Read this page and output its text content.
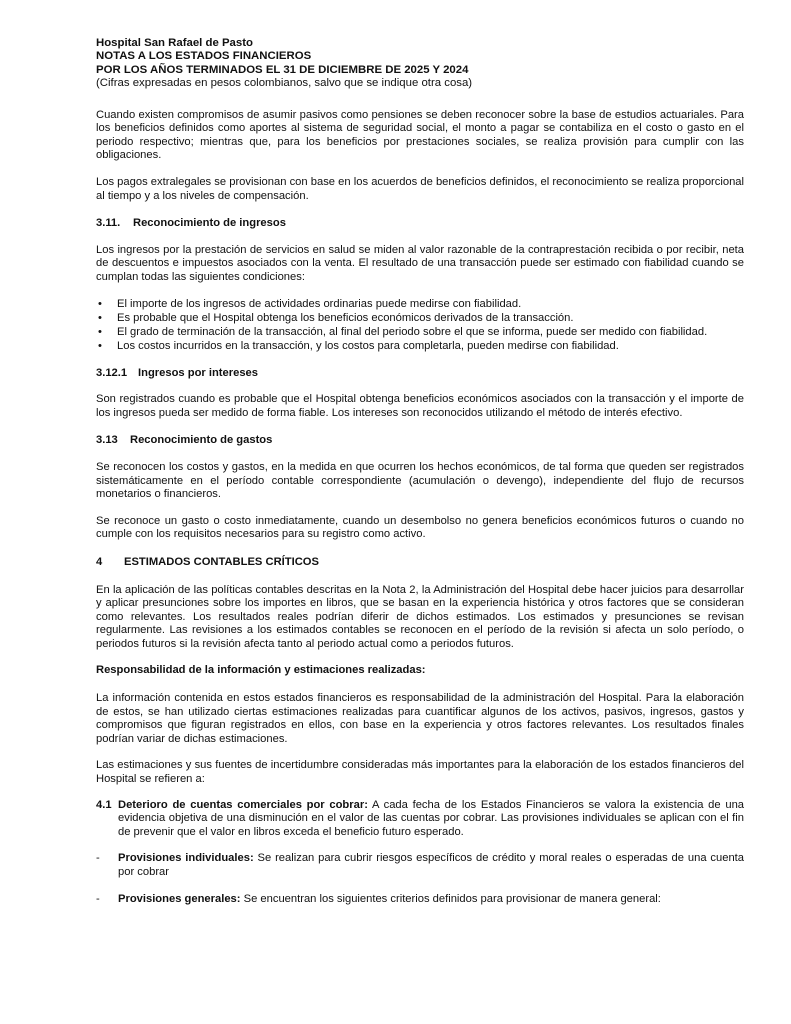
Hospital San Rafael de Pasto
NOTAS A LOS ESTADOS FINANCIEROS
POR LOS AÑOS TERMINADOS EL 31 DE DICIEMBRE DE 2025 Y 2024
(Cifras expresadas en pesos colombianos, salvo que se indique otra cosa)

Cuando existen compromisos de asumir pasivos como pensiones se deben reconocer sobre la base de estudios actuariales. Para los beneficios definidos como aportes al sistema de seguridad social, el monto a pagar se contabiliza en el costo o gasto en el periodo respectivo; mientras que, para los beneficios por prestaciones sociales, se realiza provisión para cumplir con las obligaciones.

Los pagos extralegales se provisionan con base en los acuerdos de beneficios definidos, el reconocimiento se realiza proporcional al tiempo y a los niveles de compensación.

3.11. Reconocimiento de ingresos

Los ingresos por la prestación de servicios en salud se miden al valor razonable de la contraprestación recibida o por recibir, neta de descuentos e impuestos asociados con la venta. El resultado de una transacción puede ser estimado con fiabilidad cuando se cumplan todas las siguientes condiciones:

• El importe de los ingresos de actividades ordinarias puede medirse con fiabilidad.
• Es probable que el Hospital obtenga los beneficios económicos derivados de la transacción.
• El grado de terminación de la transacción, al final del periodo sobre el que se informa, puede ser medido con fiabilidad.
• Los costos incurridos en la transacción, y los costos para completarla, pueden medirse con fiabilidad.
3.12.1 Ingresos por intereses

Son registrados cuando es probable que el Hospital obtenga beneficios económicos asociados con la transacción y el importe de los ingresos pueda ser medido de forma fiable. Los intereses son reconocidos utilizando el método de interés efectivo.

3.13 Reconocimiento de gastos

Se reconocen los costos y gastos, en la medida en que ocurren los hechos económicos, de tal forma que queden ser registrados sistemáticamente en el período contable correspondiente (acumulación o devengo), independiente del flujo de recursos monetarios o financieros.

Se reconoce un gasto o costo inmediatamente, cuando un desembolso no genera beneficios económicos futuros o cuando no cumple con los requisitos necesarios para su registro como activo.

4 ESTIMADOS CONTABLES CRÍTICOS

En la aplicación de las políticas contables descritas en la Nota 2, la Administración del Hospital debe hacer juicios para desarrollar y aplicar presunciones sobre los importes en libros, que se basan en la experiencia histórica y otros factores que se consideran como relevantes. Los resultados reales podrían diferir de dichos estimados. Los estimados y presunciones se revisan regularmente. Las revisiones a los estimados contables se reconocen en el período de la revisión si afecta un solo período, o periodos futuros si la revisión afecta tanto al periodo actual como a periodos futuros.

Responsabilidad de la información y estimaciones realizadas:

La información contenida en estos estados financieros es responsabilidad de la administración del Hospital. Para la elaboración de estos, se han utilizado ciertas estimaciones realizadas para cuantificar algunos de los activos, pasivos, ingresos, gastos y compromisos que figuran registrados en ellos, con base en la experiencia y otros factores relevantes. Los resultados finales podrían variar de dichas estimaciones.

Las estimaciones y sus fuentes de incertidumbre consideradas más importantes para la elaboración de los estados financieros del Hospital se refieren a:

4.1 Deterioro de cuentas comerciales por cobrar: A cada fecha de los Estados Financieros se valora la existencia de una evidencia objetiva de una disminución en el valor de las cuentas por cobrar. Las provisiones individuales se aplican con el fin de prevenir que el valor en libros exceda el beneficio futuro esperado.

- Provisiones individuales: Se realizan para cubrir riesgos específicos de crédito y moral reales o esperadas de una cuenta por cobrar

- Provisiones generales: Se encuentran los siguientes criterios definidos para provisionar de manera general:
